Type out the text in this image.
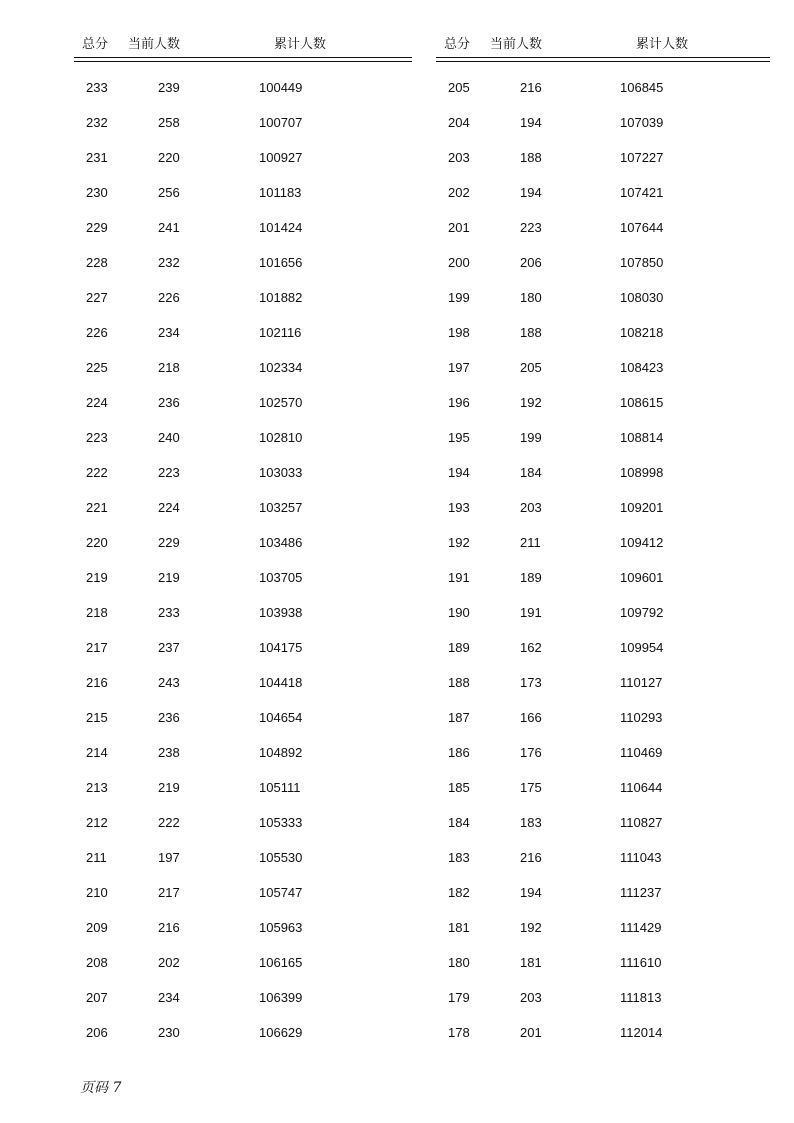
总分 当前人数	累计人数
233	239	100449
232	258	100707
231	220	100927
230	256	101183
229	241	101424
228	232	101656
227	226	101882
226	234	102116
225	218	102334
224	236	102570
223	240	102810
222	223	103033
221	224	103257
220	229	103486
219	219	103705
218	233	103938
217	237	104175
216	243	104418
215	236	104654
214	238	104892
213	219	105111
212	222	105333
211	197	105530
210	217	105747
209	216	105963
208	202	106165
207	234	106399
206	230	106629
总分 当前人数	累计人数
205	216	106845
204	194	107039
203	188	107227
202	194	107421
201	223	107644
200	206	107850
199	180	108030
198	188	108218
197	205	108423
196	192	108615
195	199	108814
194	184	108998
193	203	109201
192	211	109412
191	189	109601
190	191	109792
189	162	109954
188	173	110127
187	166	110293
186	176	110469
185	175	110644
184	183	110827
183	216	111043
182	194	111237
181	192	111429
180	181	111610
179	203	111813
178	201	112014
页码 7
